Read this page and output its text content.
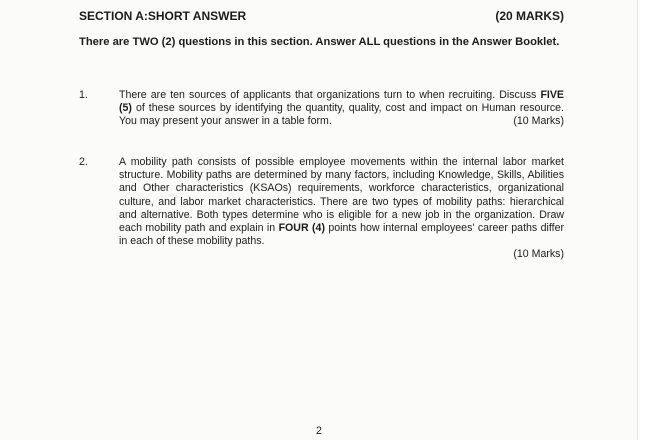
SECTION A:SHORT ANSWER	(20 MARKS)
There are TWO (2) questions in this section. Answer ALL questions in the Answer Booklet.
1.	There are ten sources of applicants that organizations turn to when recruiting. Discuss FIVE (5) of these sources by identifying the quantity, quality, cost and impact on Human resource. You may present your answer in a table form.	(10 Marks)

2.	A mobility path consists of possible employee movements within the internal labor market structure. Mobility paths are determined by many factors, including Knowledge, Skills, Abilities and Other characteristics (KSAOs) requirements, workforce characteristics, organizational culture, and labor market characteristics. There are two types of mobility paths: hierarchical and alternative. Both types determine who is eligible for a new job in the organization. Draw each mobility path and explain in FOUR (4) points how internal employees' career paths differ in each of these mobility paths.

(10 Marks)
2
